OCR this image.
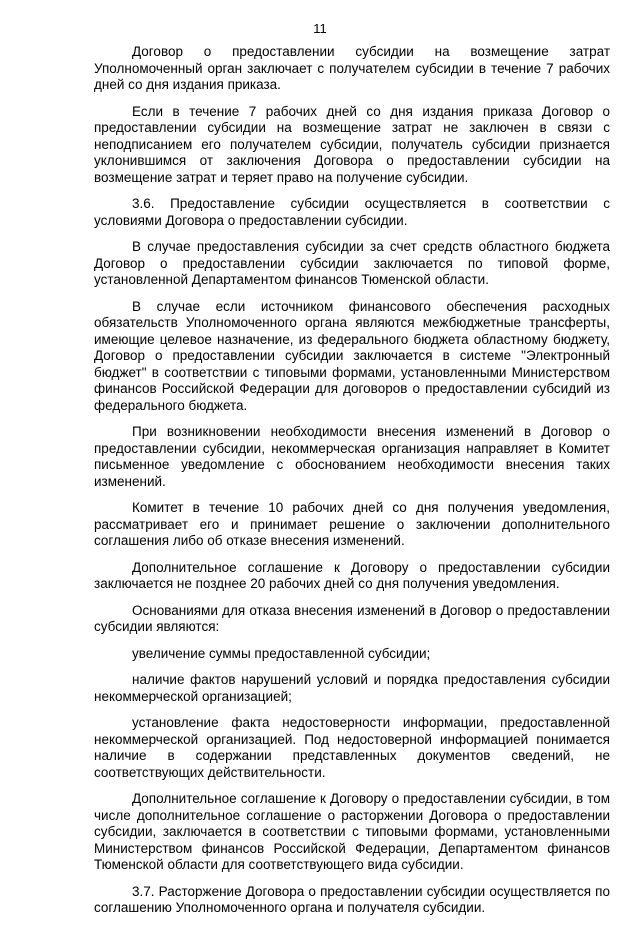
11

Договор о предоставлении субсидии на возмещение затрат Уполномоченный орган заключает с получателем субсидии в течение 7 рабочих дней со дня издания приказа.

Если в течение 7 рабочих дней со дня издания приказа Договор о предоставлении субсидии на возмещение затрат не заключен в связи с неподписанием его получателем субсидии, получатель субсидии признается уклонившимся от заключения Договора о предоставлении субсидии на возмещение затрат и теряет право на получение субсидии.

3.6. Предоставление субсидии осуществляется в соответствии с условиями Договора о предоставлении субсидии.

В случае предоставления субсидии за счет средств областного бюджета Договор о предоставлении субсидии заключается по типовой форме, установленной Департаментом финансов Тюменской области.

В случае если источником финансового обеспечения расходных обязательств Уполномоченного органа являются межбюджетные трансферты, имеющие целевое назначение, из федерального бюджета областному бюджету, Договор о предоставлении субсидии заключается в системе "Электронный бюджет" в соответствии с типовыми формами, установленными Министерством финансов Российской Федерации для договоров о предоставлении субсидий из федерального бюджета.

При возникновении необходимости внесения изменений в Договор о предоставлении субсидии, некоммерческая организация направляет в Комитет письменное уведомление с обоснованием необходимости внесения таких изменений.

Комитет в течение 10 рабочих дней со дня получения уведомления, рассматривает его и принимает решение о заключении дополнительного соглашения либо об отказе внесения изменений.

Дополнительное соглашение к Договору о предоставлении субсидии заключается не позднее 20 рабочих дней со дня получения уведомления.

Основаниями для отказа внесения изменений в Договор о предоставлении субсидии являются:

увеличение суммы предоставленной субсидии;

наличие фактов нарушений условий и порядка предоставления субсидии некоммерческой организацией;

установление факта недостоверности информации, предоставленной некоммерческой организацией. Под недостоверной информацией понимается наличие в содержании представленных документов сведений, не соответствующих действительности.

Дополнительное соглашение к Договору о предоставлении субсидии, в том числе дополнительное соглашение о расторжении Договора о предоставлении субсидии, заключается в соответствии с типовыми формами, установленными Министерством финансов Российской Федерации, Департаментом финансов Тюменской области для соответствующего вида субсидии.

3.7. Расторжение Договора о предоставлении субсидии осуществляется по соглашению Уполномоченного органа и получателя субсидии.
